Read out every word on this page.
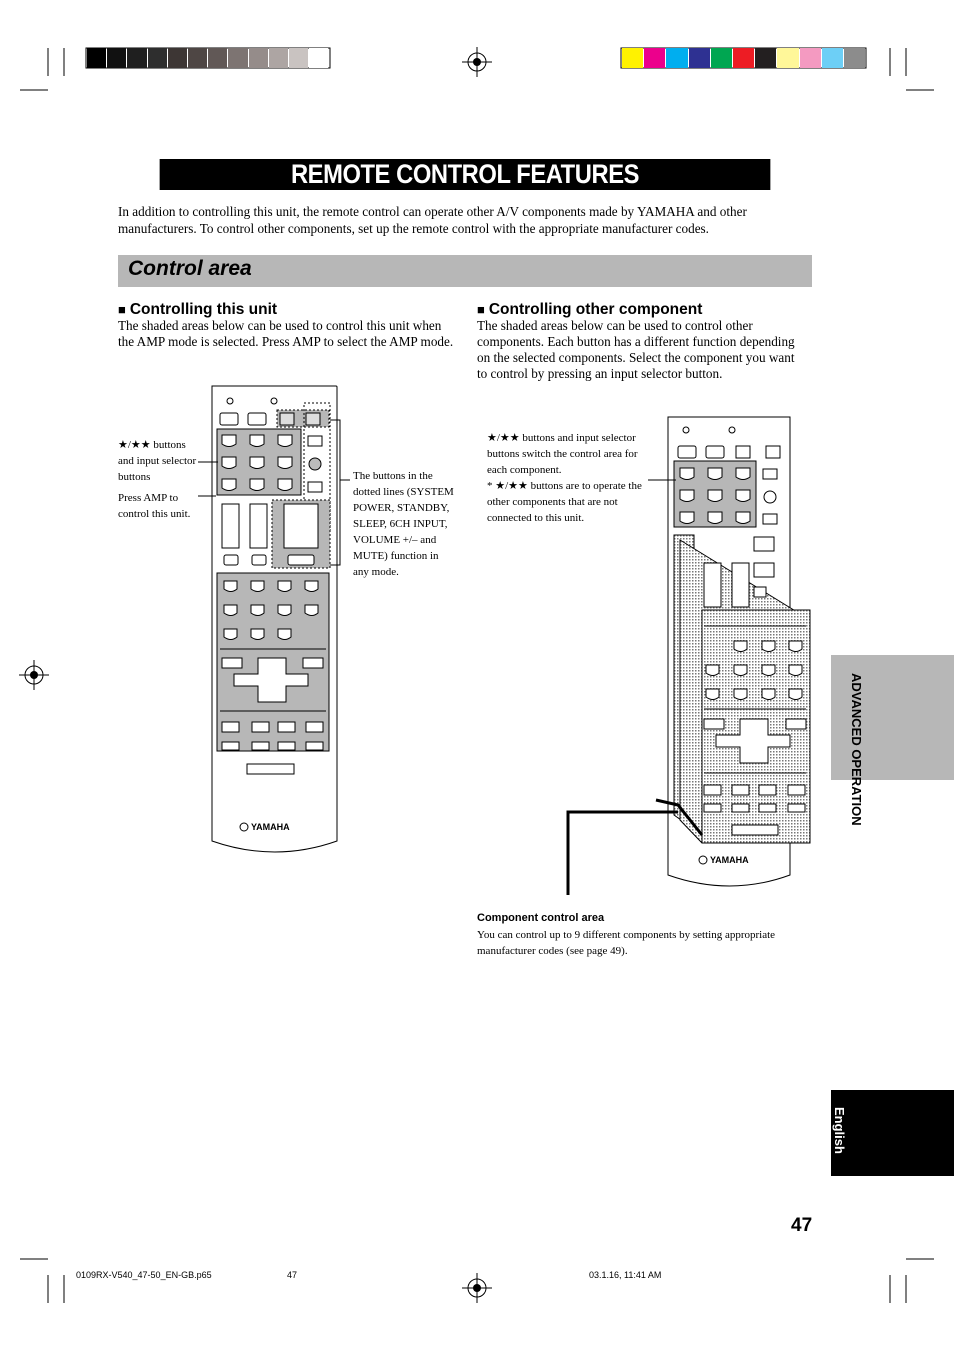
REMOTE CONTROL FEATURES
In addition to controlling this unit, the remote control can operate other A/V components made by YAMAHA and other manufacturers. To control other components, set up the remote control with the appropriate manufacturer codes.
Control area
■ Controlling this unit
The shaded areas below can be used to control this unit when the AMP mode is selected. Press AMP to select the AMP mode.
★/★★ buttons and input selector buttons
Press AMP to control this unit.
The buttons in the dotted lines (SYSTEM POWER, STANDBY, SLEEP, 6CH INPUT, VOLUME +/– and MUTE) function in any mode.
YAMAHA
■ Controlling other component
The shaded areas below can be used to control other components. Each button has a different function depending on the selected components. Select the component you want to control by pressing an input selector button.
★/★★ buttons and input selector buttons switch the control area for each component.
* ★/★★ buttons are to operate the other components that are not connected to this unit.
YAMAHA
Component control area
You can control up to 9 different components by setting appropriate manufacturer codes (see page 49).
ADVANCED OPERATION
English
47
0109RX-V540_47-50_EN-GB.p65	47	03.1.16, 11:41 AM
